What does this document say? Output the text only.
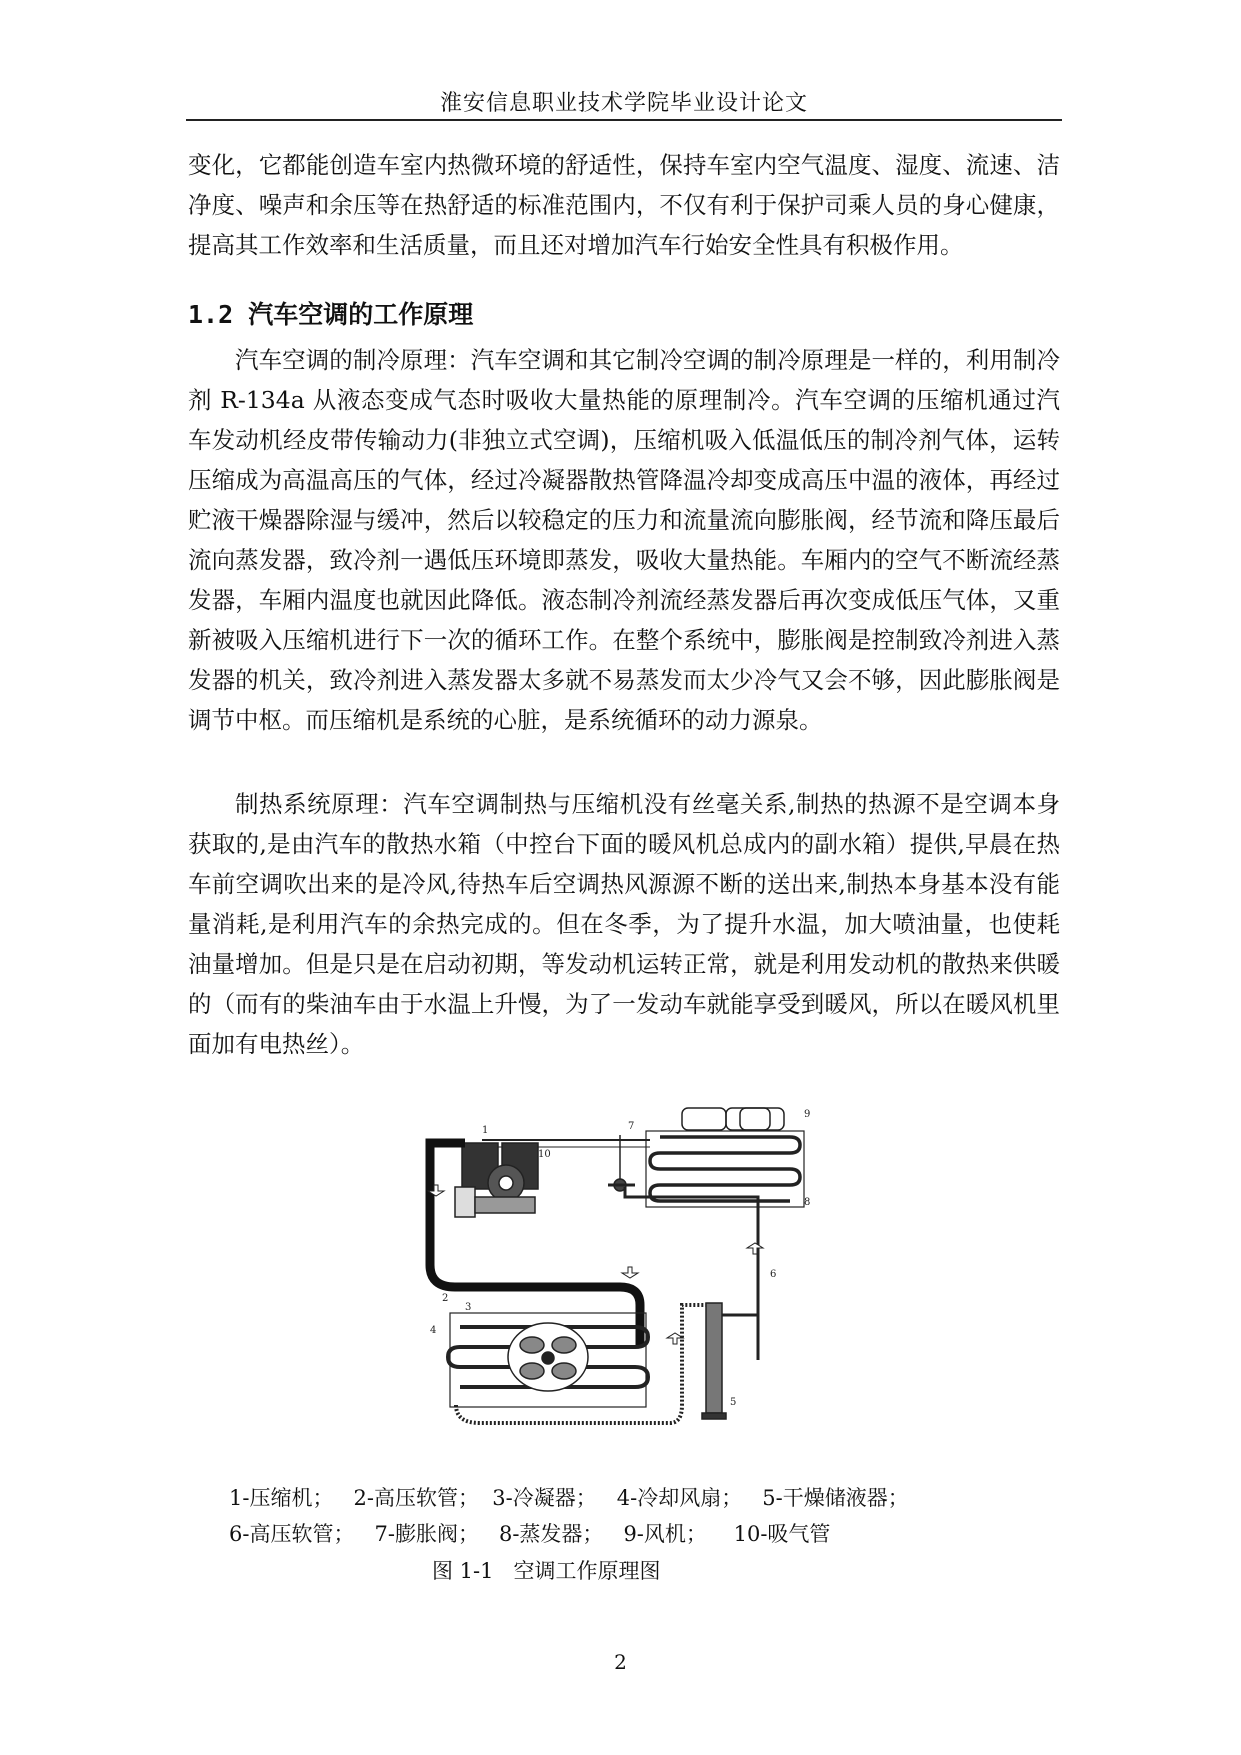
淮安信息职业技术学院毕业设计论文
变化，它都能创造车室内热微环境的舒适性，保持车室内空气温度、湿度、流速、洁净度、噪声和余压等在热舒适的标准范围内，不仅有利于保护司乘人员的身心健康，提高其工作效率和生活质量，而且还对增加汽车行始安全性具有积极作用。
1.2 汽车空调的工作原理
汽车空调的制冷原理：汽车空调和其它制冷空调的制冷原理是一样的，利用制冷剂 R-134a 从液态变成气态时吸收大量热能的原理制冷。汽车空调的压缩机通过汽车发动机经皮带传输动力(非独立式空调)，压缩机吸入低温低压的制冷剂气体，运转压缩成为高温高压的气体，经过冷凝器散热管降温冷却变成高压中温的液体，再经过贮液干燥器除湿与缓冲，然后以较稳定的压力和流量流向膨胀阀，经节流和降压最后流向蒸发器，致冷剂一遇低压环境即蒸发，吸收大量热能。车厢内的空气不断流经蒸发器，车厢内温度也就因此降低。液态制冷剂流经蒸发器后再次变成低压气体，又重新被吸入压缩机进行下一次的循环工作。在整个系统中，膨胀阀是控制致冷剂进入蒸发器的机关，致冷剂进入蒸发器太多就不易蒸发而太少冷气又会不够，因此膨胀阀是调节中枢。而压缩机是系统的心脏，是系统循环的动力源泉。
制热系统原理：汽车空调制热与压缩机没有丝毫关系,制热的热源不是空调本身获取的,是由汽车的散热水箱（中控台下面的暖风机总成内的副水箱）提供,早晨在热车前空调吹出来的是冷风,待热车后空调热风源源不断的送出来,制热本身基本没有能量消耗,是利用汽车的余热完成的。但在冬季，为了提升水温，加大喷油量，也使耗油量增加。但是只是在启动初期，等发动机运转正常，就是利用发动机的散热来供暖的（而有的柴油车由于水温上升慢，为了一发动车就能享受到暖风，所以在暖风机里面加有电热丝）。
1
2
3
4
5
6
7
8
9
10
1-压缩机；   2-高压软管；  3-冷凝器；   4-冷却风扇；   5-干燥储液器；
6-高压软管；   7-膨胀阀；   8-蒸发器；   9-风机；    10-吸气管
图 1-1   空调工作原理图
2
